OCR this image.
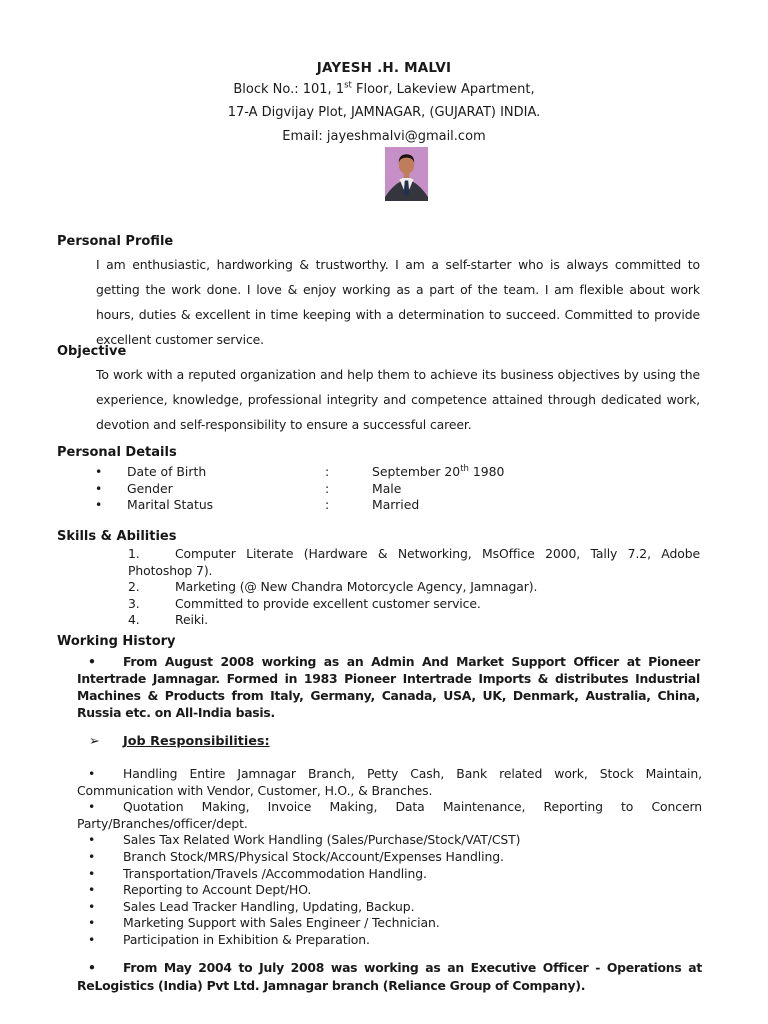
JAYESH .H. MALVI
Block No.: 101, 1st Floor, Lakeview Apartment,
17-A Digvijay Plot, JAMNAGAR, (GUJARAT) INDIA.
Email: jayeshmalvi@gmail.com
Personal Profile

I am enthusiastic, hardworking & trustworthy. I am a self-starter who is always committed to getting the work done. I love & enjoy working as a part of the team. I am flexible about work hours, duties & excellent in time keeping with a determination to succeed. Committed to provide excellent customer service.

Objective

To work with a reputed organization and help them to achieve its business objectives by using the experience, knowledge, professional integrity and competence attained through dedicated work, devotion and self-responsibility to ensure a successful career.

Personal Details
•	Date of Birth	:	September 20th 1980
•	Gender	:	Male
•	Marital Status	:	Married
Skills & Abilities

1.	Computer Literate (Hardware & Networking, MsOffice 2000, Tally 7.2, Adobe Photoshop 7).

2.	Marketing (@ New Chandra Motorcycle Agency, Jamnagar).

3.	Committed to provide excellent customer service.

4.	Reiki.

Working History

• From August 2008 working as an Admin And Market Support Officer at Pioneer Intertrade Jamnagar. Formed in 1983 Pioneer Intertrade Imports & distributes Industrial Machines & Products from Italy, Germany, Canada, USA, UK, Denmark, Australia, China, Russia etc. on All-India basis.

➢ Job Responsibilities:

• Handling Entire Jamnagar Branch, Petty Cash, Bank related work, Stock Maintain, Communication with Vendor, Customer, H.O., & Branches.

• Quotation Making, Invoice Making, Data Maintenance, Reporting to Concern Party/Branches/officer/dept.

• Sales Tax Related Work Handling (Sales/Purchase/Stock/VAT/CST)

• Branch Stock/MRS/Physical Stock/Account/Expenses Handling.

• Transportation/Travels /Accommodation Handling.

• Reporting to Account Dept/HO.

• Sales Lead Tracker Handling, Updating, Backup.

• Marketing Support with Sales Engineer / Technician.

• Participation in Exhibition & Preparation.

• From May 2004 to July 2008 was working as an Executive Officer - Operations at ReLogistics (India) Pvt Ltd. Jamnagar branch (Reliance Group of Company).
